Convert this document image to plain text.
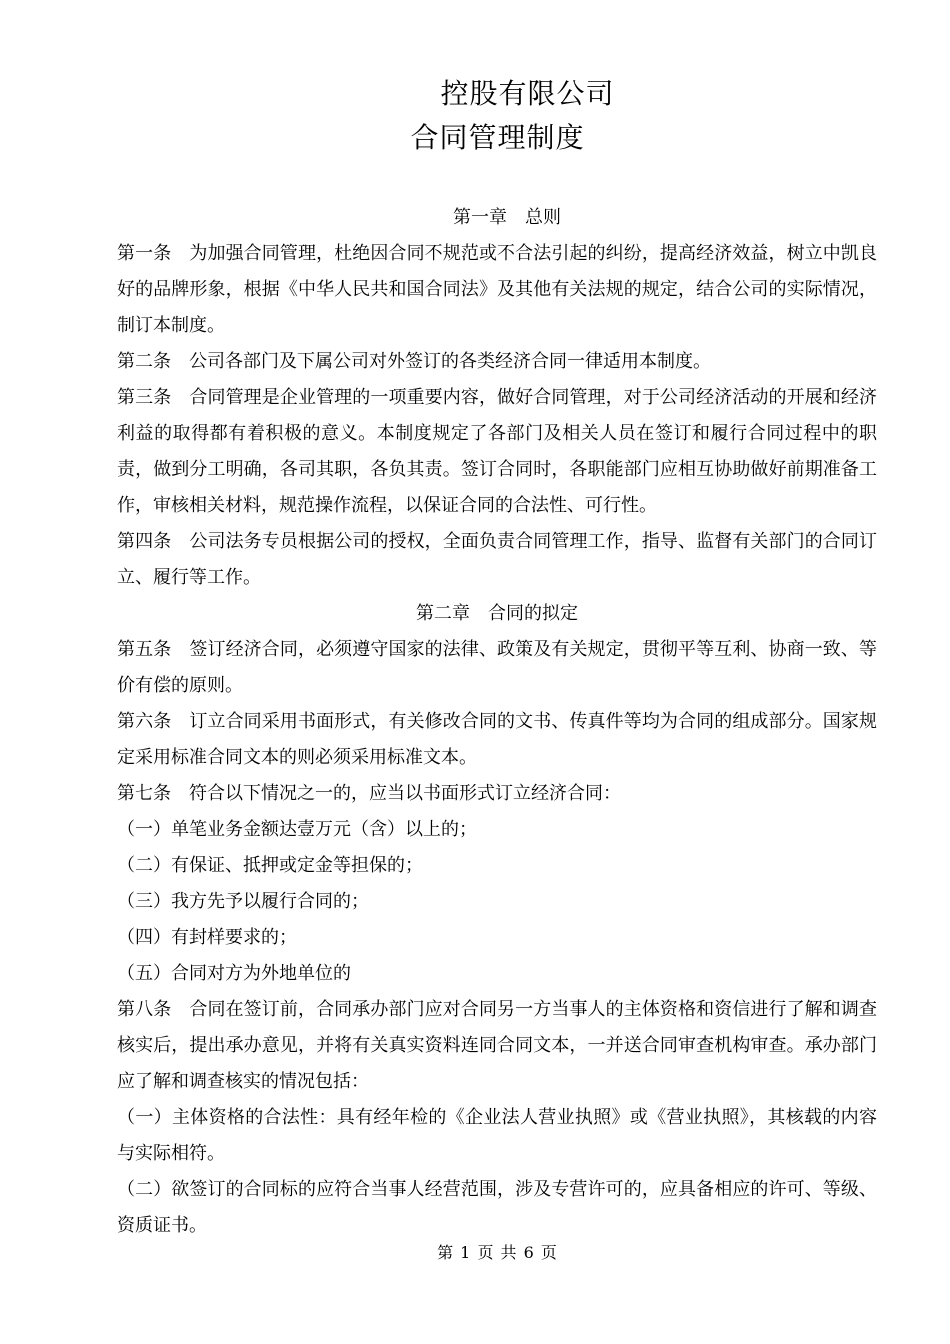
控股有限公司
合同管理制度

第一章　总则

第一条 为加强合同管理，杜绝因合同不规范或不合法引起的纠纷，提高经济效益，树立中凯良好的品牌形象，根据《中华人民共和国合同法》及其他有关法规的规定，结合公司的实际情况，制订本制度。

第二条 公司各部门及下属公司对外签订的各类经济合同一律适用本制度。

第三条 合同管理是企业管理的一项重要内容，做好合同管理，对于公司经济活动的开展和经济利益的取得都有着积极的意义。本制度规定了各部门及相关人员在签订和履行合同过程中的职责，做到分工明确，各司其职，各负其责。签订合同时，各职能部门应相互协助做好前期准备工作，审核相关材料，规范操作流程，以保证合同的合法性、可行性。

第四条 公司法务专员根据公司的授权，全面负责合同管理工作，指导、监督有关部门的合同订立、履行等工作。

第二章　合同的拟定

第五条 签订经济合同，必须遵守国家的法律、政策及有关规定，贯彻平等互利、协商一致、等价有偿的原则。

第六条 订立合同采用书面形式，有关修改合同的文书、传真件等均为合同的组成部分。国家规定采用标准合同文本的则必须采用标准文本。

第七条 符合以下情况之一的，应当以书面形式订立经济合同：

（一）单笔业务金额达壹万元（含）以上的；

（二）有保证、抵押或定金等担保的；

（三）我方先予以履行合同的；

（四）有封样要求的；

（五）合同对方为外地单位的

第八条 合同在签订前，合同承办部门应对合同另一方当事人的主体资格和资信进行了解和调查核实后，提出承办意见，并将有关真实资料连同合同文本，一并送合同审查机构审查。承办部门应了解和调查核实的情况包括：

（一）主体资格的合法性：具有经年检的《企业法人营业执照》或《营业执照》，其核载的内容与实际相符。

（二）欲签订的合同标的应符合当事人经营范围，涉及专营许可的，应具备相应的许可、等级、资质证书。

第 1 页 共 6 页
